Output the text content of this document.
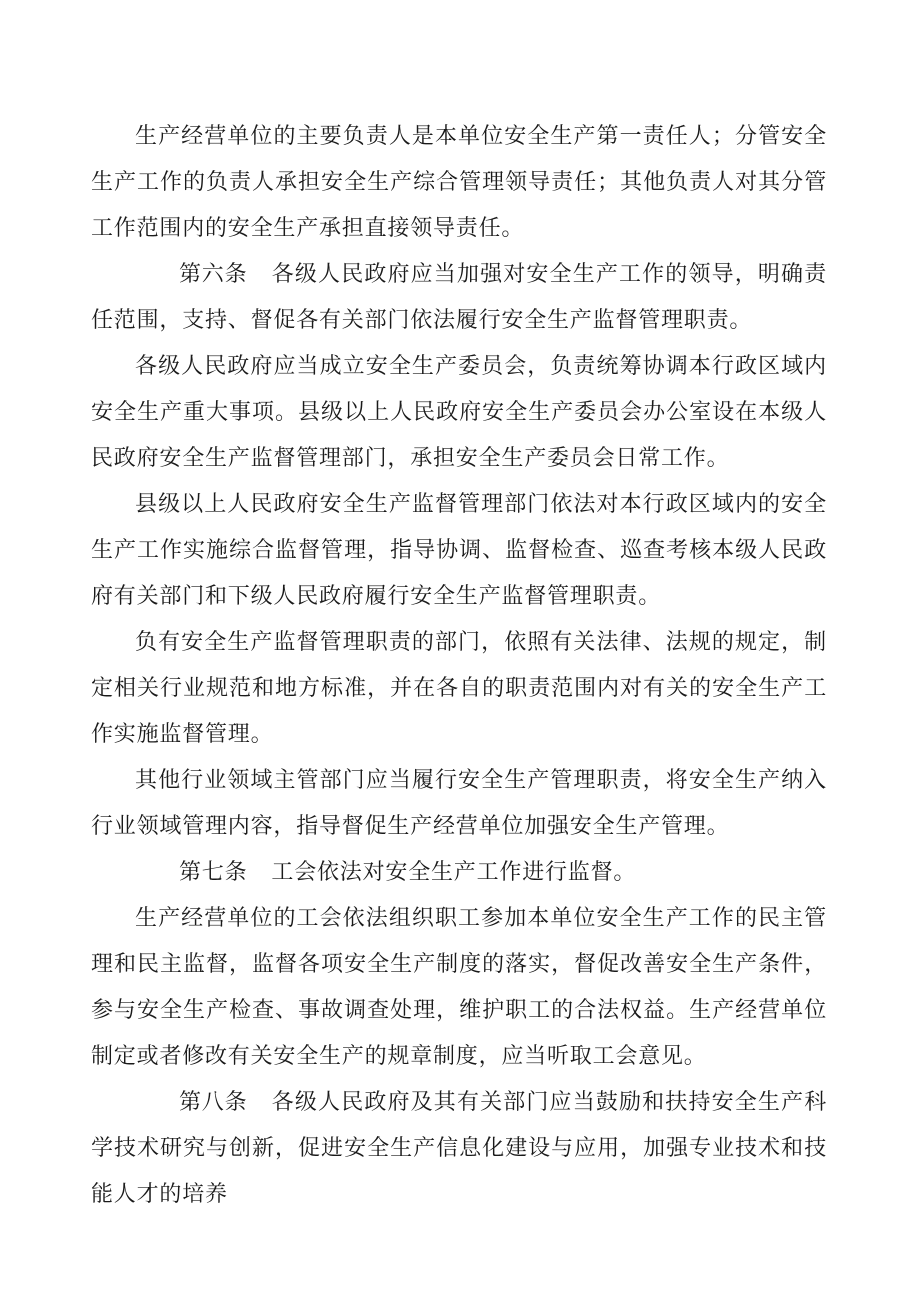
生产经营单位的主要负责人是本单位安全生产第一责任人；分管安全生产工作的负责人承担安全生产综合管理领导责任；其他负责人对其分管工作范围内的安全生产承担直接领导责任。

第六条 各级人民政府应当加强对安全生产工作的领导，明确责任范围，支持、督促各有关部门依法履行安全生产监督管理职责。

各级人民政府应当成立安全生产委员会，负责统筹协调本行政区域内安全生产重大事项。县级以上人民政府安全生产委员会办公室设在本级人民政府安全生产监督管理部门，承担安全生产委员会日常工作。

县级以上人民政府安全生产监督管理部门依法对本行政区域内的安全生产工作实施综合监督管理，指导协调、监督检查、巡查考核本级人民政府有关部门和下级人民政府履行安全生产监督管理职责。

负有安全生产监督管理职责的部门，依照有关法律、法规的规定，制定相关行业规范和地方标准，并在各自的职责范围内对有关的安全生产工作实施监督管理。

其他行业领域主管部门应当履行安全生产管理职责，将安全生产纳入行业领域管理内容，指导督促生产经营单位加强安全生产管理。

第七条 工会依法对安全生产工作进行监督。

生产经营单位的工会依法组织职工参加本单位安全生产工作的民主管理和民主监督，监督各项安全生产制度的落实，督促改善安全生产条件，参与安全生产检查、事故调查处理，维护职工的合法权益。生产经营单位制定或者修改有关安全生产的规章制度，应当听取工会意见。

第八条 各级人民政府及其有关部门应当鼓励和扶持安全生产科学技术研究与创新，促进安全生产信息化建设与应用，加强专业技术和技能人才的培养
